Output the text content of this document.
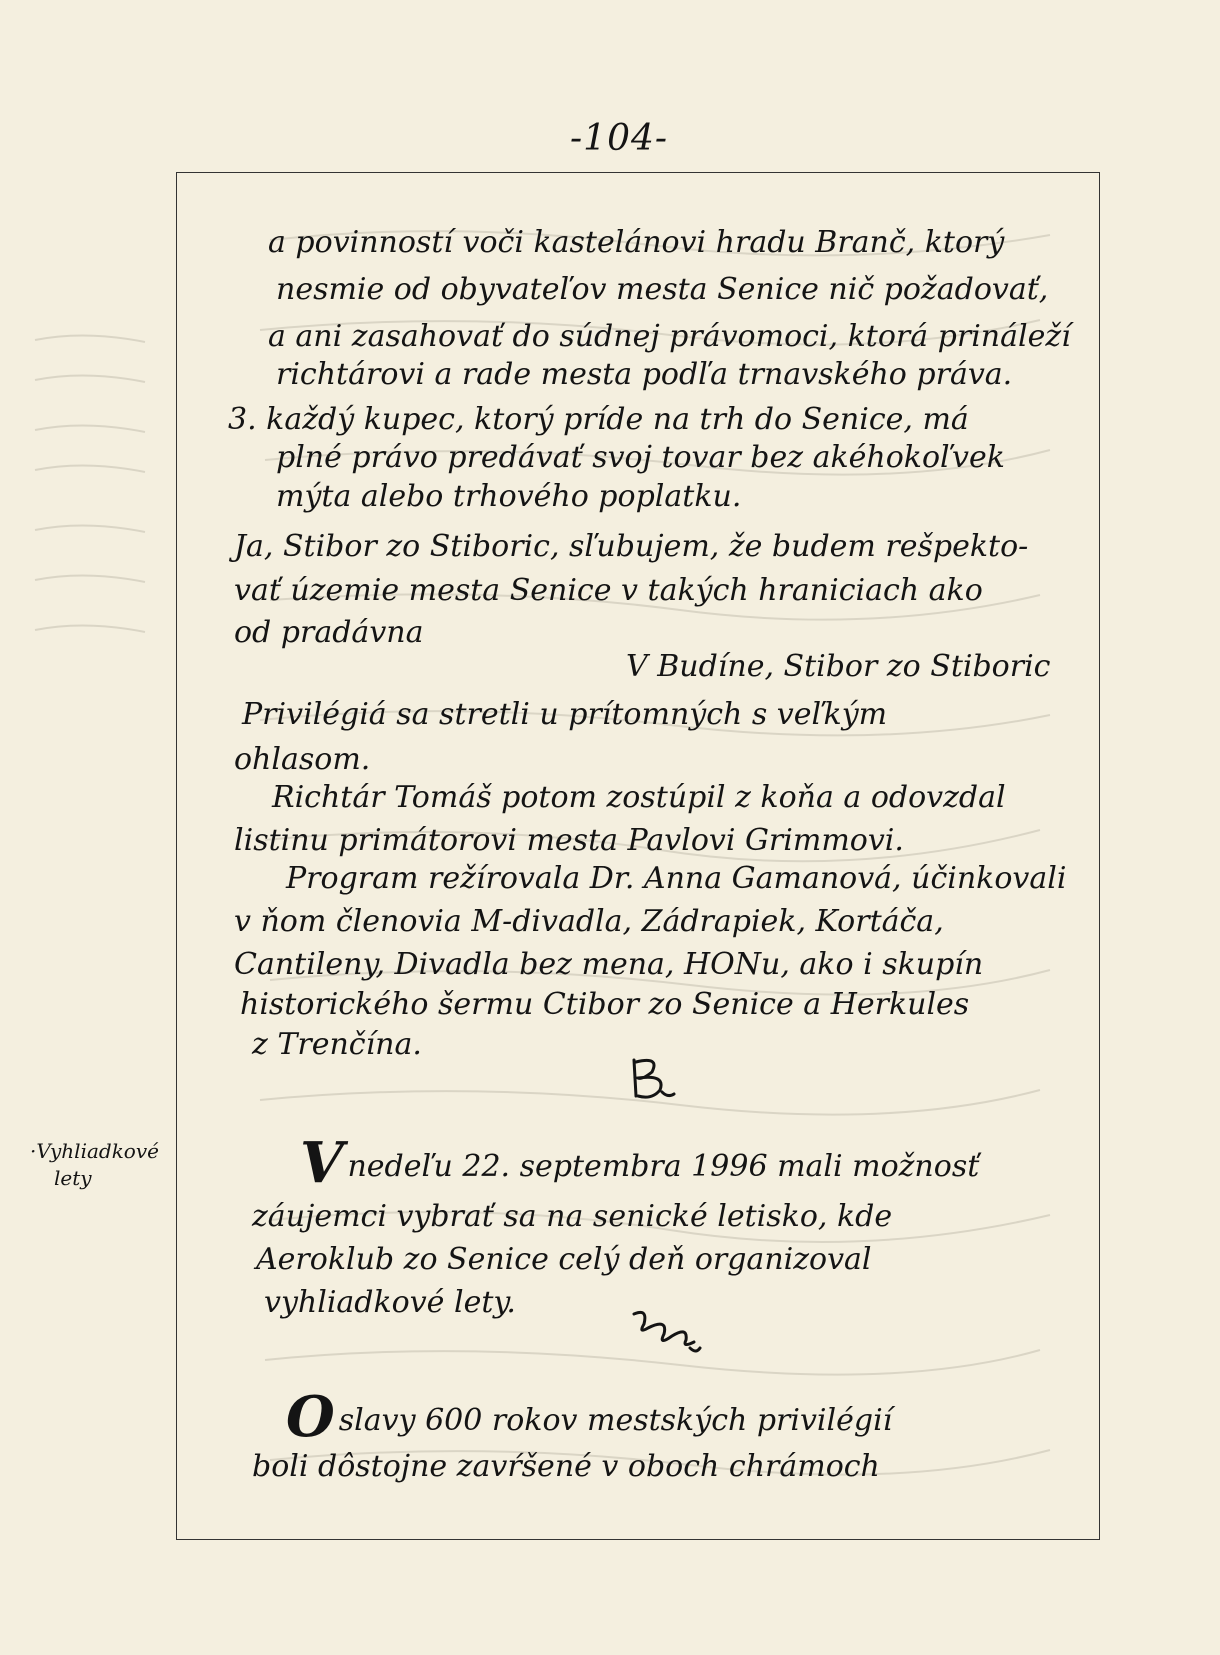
-104-
·Vyhliadkové
lety
a povinností voči kastelánovi hradu Branč, ktorý
nesmie od obyvateľov mesta Senice nič požadovať,
a ani zasahovať do súdnej právomoci, ktorá prináleží
richtárovi a rade mesta podľa trnavského práva.
3. každý kupec, ktorý príde na trh do Senice, má
plné právo predávať svoj tovar bez akéhokoľvek
mýta alebo trhového poplatku.
Ja, Stibor zo Stiboric, sľubujem, že budem rešpekto-
vať územie mesta Senice v takých hraniciach ako
od pradávna
V Budíne, Stibor zo Stiboric
Privilégiá sa stretli u prítomných s veľkým
ohlasom.
Richtár Tomáš potom zostúpil z koňa a odovzdal
listinu primátorovi mesta Pavlovi Grimmovi.
Program režírovala Dr. Anna Gamanová, účinkovali
v ňom členovia M-divadla, Zádrapiek, Kortáča,
Cantileny, Divadla bez mena, HONu, ako i skupín
historického šermu Ctibor zo Senice a Herkules
z Trenčína.
Vnedeľu 22. septembra 1996 mali možnosť
záujemci vybrať sa na senické letisko, kde
Aeroklub zo Senice celý deň organizoval
vyhliadkové lety.
Oslavy 600 rokov mestských privilégií
boli dôstojne zavŕšené v oboch chrámoch
